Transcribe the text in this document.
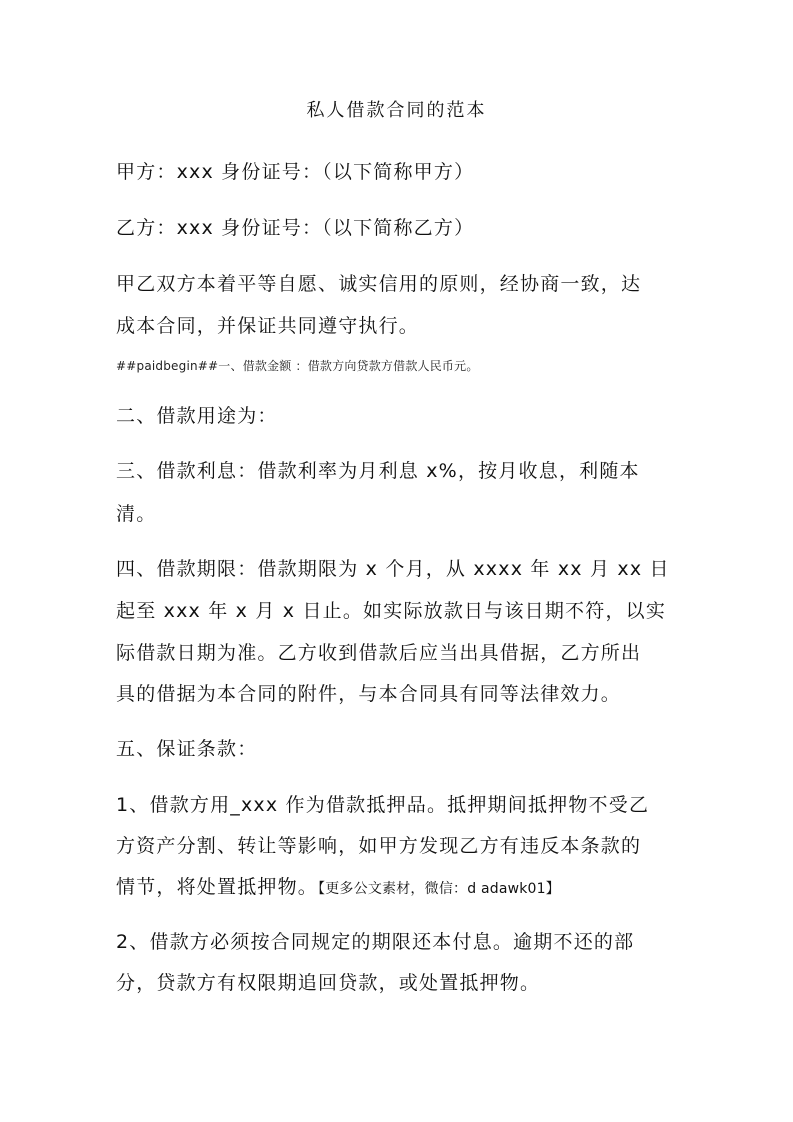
私人借款合同的范本
甲方：xxx 身份证号：（以下简称甲方）
乙方：xxx 身份证号：（以下简称乙方）
甲乙双方本着平等自愿、诚实信用的原则，经协商一致，达
成本合同，并保证共同遵守执行。
##paidbegin##一、借款金额 ：借款方向贷款方借款人民币元。
二、借款用途为：
三、借款利息：借款利率为月利息 x%，按月收息，利随本
清。
四、借款期限：借款期限为 x 个月，从 xxxx 年 xx 月 xx 日
起至 xxx 年 x 月 x 日止。如实际放款日与该日期不符，以实
际借款日期为准。乙方收到借款后应当出具借据，乙方所出
具的借据为本合同的附件，与本合同具有同等法律效力。
五、保证条款：
1、借款方用_xxx 作为借款抵押品。抵押期间抵押物不受乙
方资产分割、转让等影响，如甲方发现乙方有违反本条款的
情节，将处置抵押物。【更多公文素材，微信：d adawk01】
2、借款方必须按合同规定的期限还本付息。逾期不还的部
分，贷款方有权限期追回贷款，或处置抵押物。
